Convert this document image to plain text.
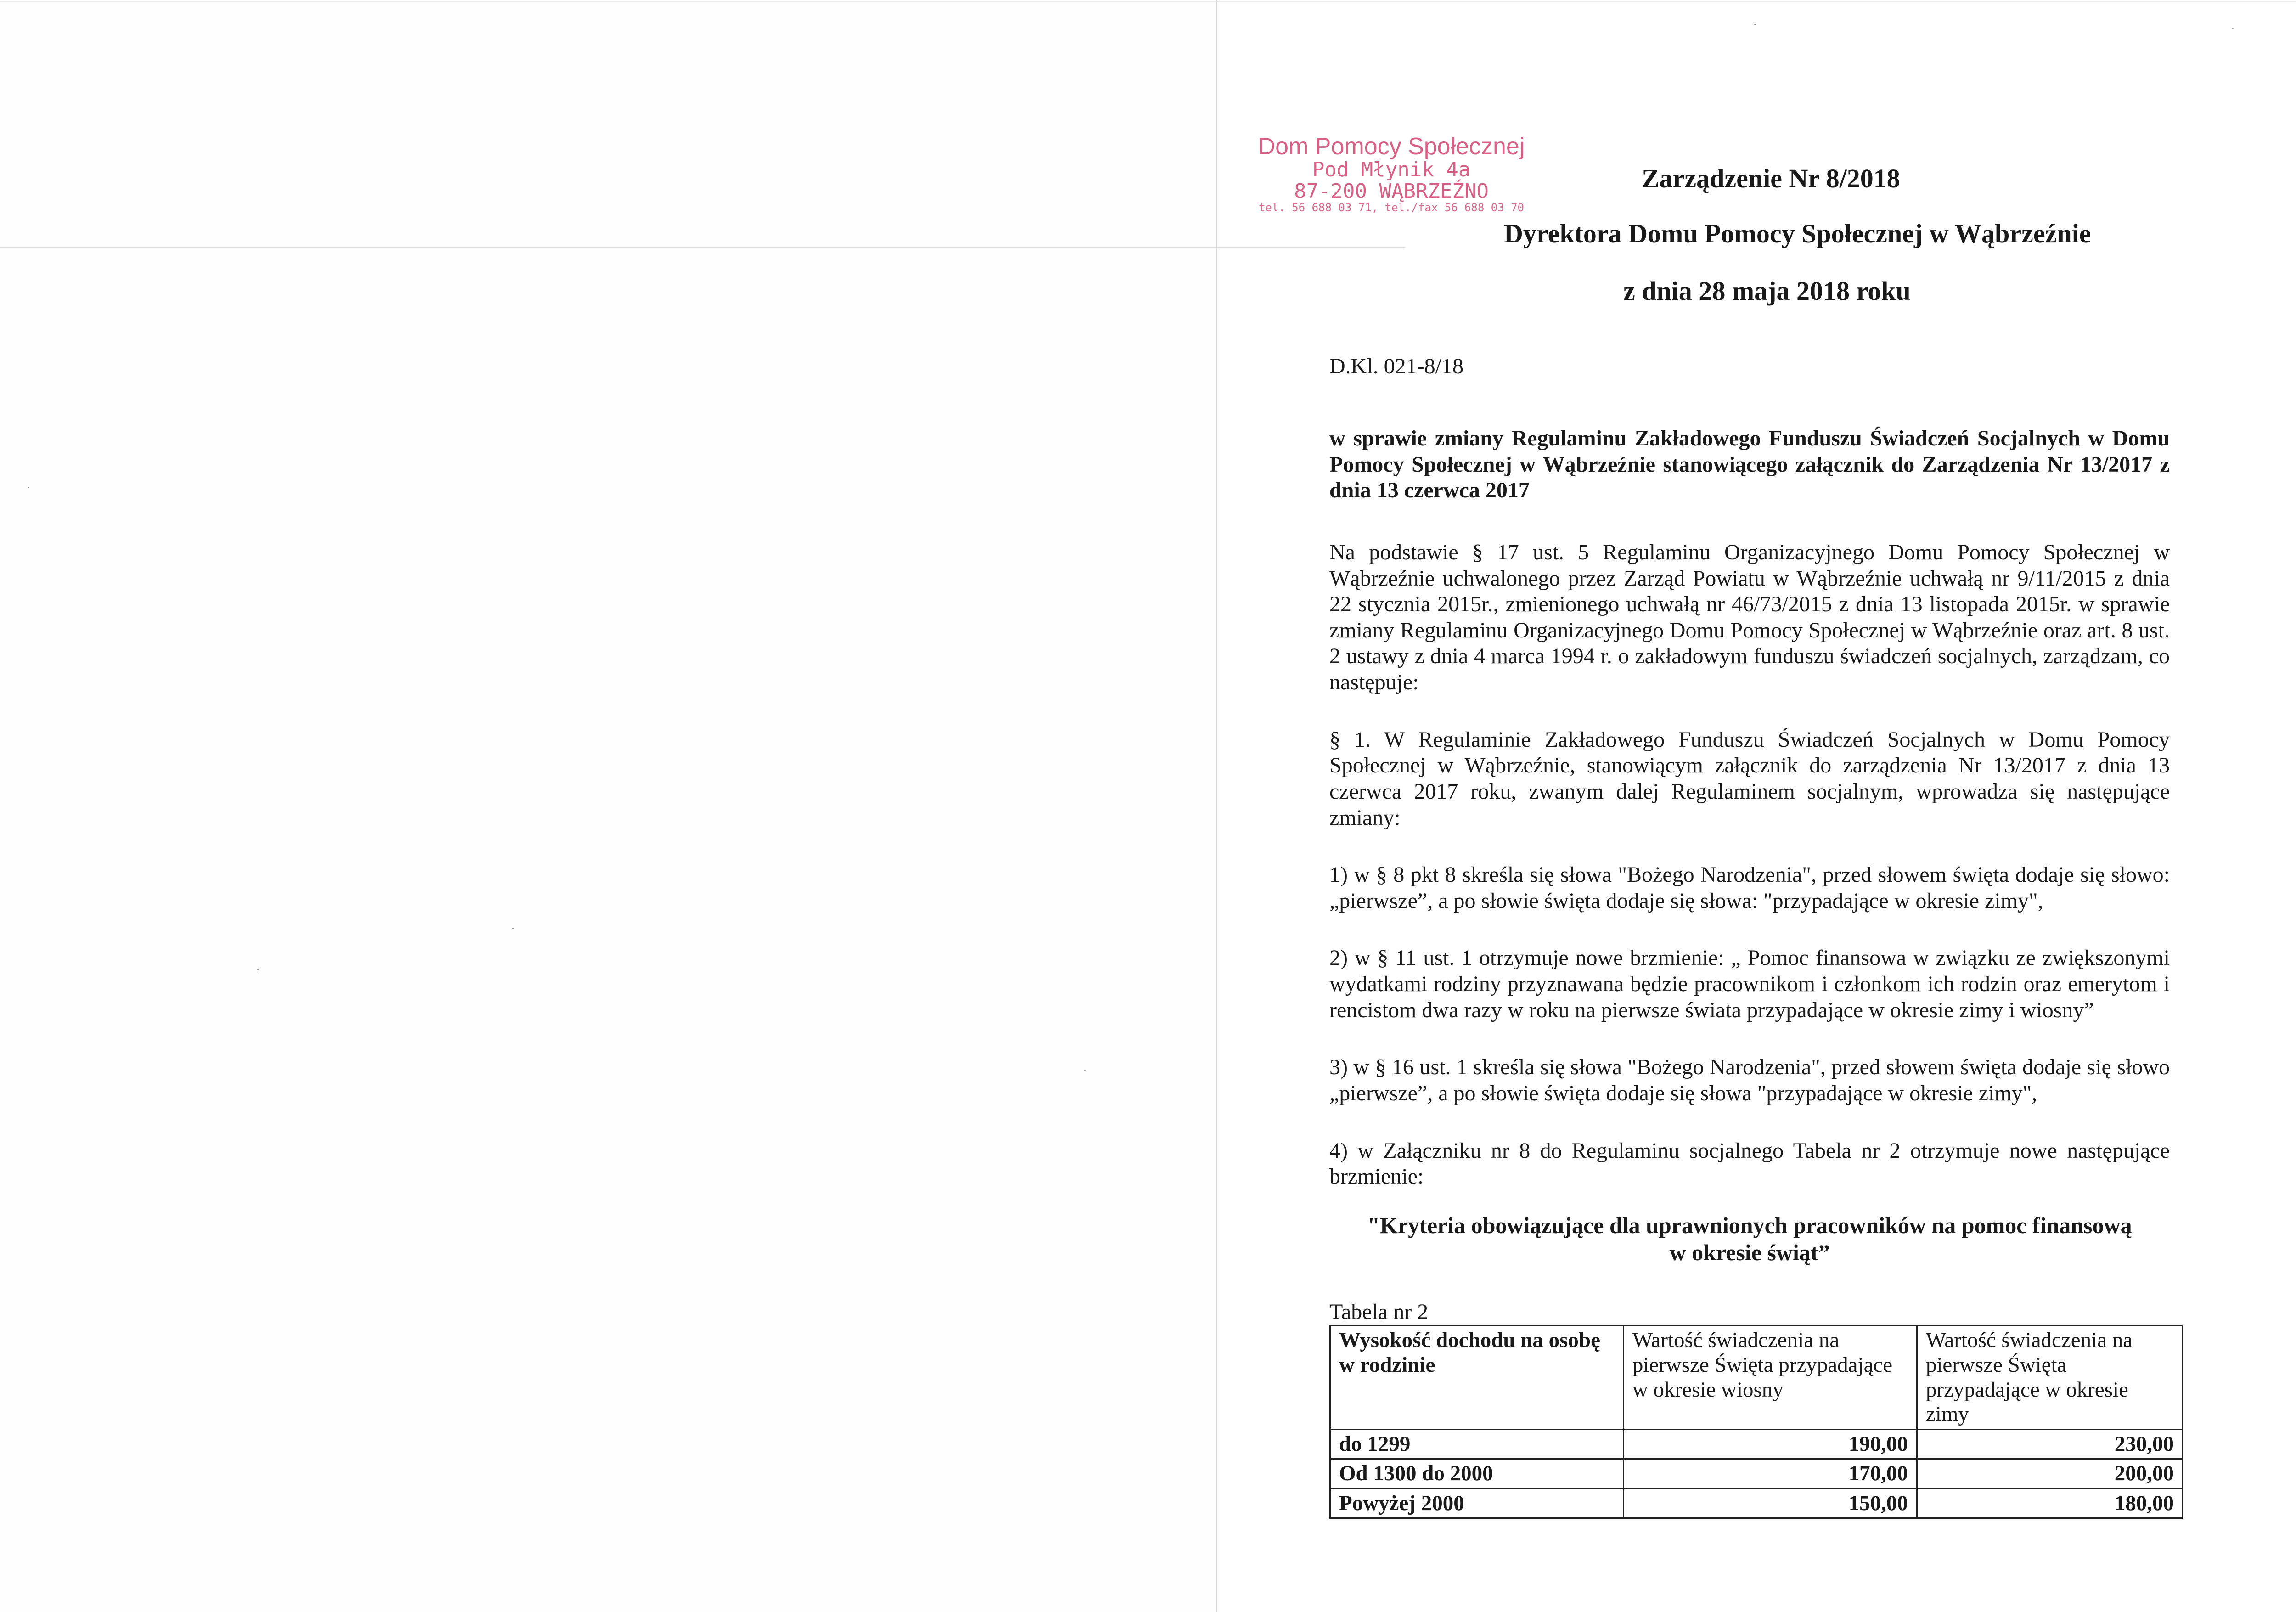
Dom Pomocy Społecznej
Pod Młynik 4a
87-200 WĄBRZEŹNO
tel. 56 688 03 71, tel./fax 56 688 03 70
Zarządzenie Nr 8/2018
Dyrektora Domu Pomocy Społecznej w Wąbrzeźnie
z dnia 28 maja 2018 roku
D.Kl. 021-8/18

w sprawie zmiany Regulaminu Zakładowego Funduszu Świadczeń Socjalnych w Domu Pomocy Społecznej w Wąbrzeźnie stanowiącego załącznik do Zarządzenia Nr 13/2017 z dnia 13 czerwca 2017

Na podstawie § 17 ust. 5 Regulaminu Organizacyjnego Domu Pomocy Społecznej w Wąbrzeźnie uchwalonego przez Zarząd Powiatu w Wąbrzeźnie uchwałą nr 9/11/2015 z dnia 22 stycznia 2015r., zmienionego uchwałą nr 46/73/2015 z dnia 13 listopada 2015r. w sprawie zmiany Regulaminu Organizacyjnego Domu Pomocy Społecznej w Wąbrzeźnie oraz art. 8 ust. 2 ustawy z dnia 4 marca 1994 r. o zakładowym funduszu świadczeń socjalnych, zarządzam, co następuje:

§ 1. W Regulaminie Zakładowego Funduszu Świadczeń Socjalnych w Domu Pomocy Społecznej w Wąbrzeźnie, stanowiącym załącznik do zarządzenia Nr 13/2017 z dnia 13 czerwca 2017 roku, zwanym dalej Regulaminem socjalnym, wprowadza się następujące zmiany:

1) w § 8 pkt 8 skreśla się słowa "Bożego Narodzenia", przed słowem święta dodaje się słowo: „pierwsze”, a po słowie święta dodaje się słowa: "przypadające w okresie zimy",

2) w § 11 ust. 1 otrzymuje nowe brzmienie: „ Pomoc finansowa w związku ze zwiększonymi wydatkami rodziny przyznawana będzie pracownikom i członkom ich rodzin oraz emerytom i rencistom dwa razy w roku na pierwsze świata przypadające w okresie zimy i wiosny”

3) w § 16 ust. 1 skreśla się słowa "Bożego Narodzenia", przed słowem święta dodaje się słowo „pierwsze”, a po słowie święta dodaje się słowa "przypadające w okresie zimy",

4) w Załączniku nr 8 do Regulaminu socjalnego Tabela nr 2 otrzymuje nowe następujące brzmienie:

"Kryteria obowiązujące dla uprawnionych pracowników na pomoc finansową
w okresie świąt”

Tabela nr 2

Wysokość dochodu na osobę w rodzinie	Wartość świadczenia na pierwsze Święta przypadające w okresie wiosny	Wartość świadczenia na pierwsze Święta przypadające w okresie zimy
do 1299	190,00	230,00
Od 1300 do 2000	170,00	200,00
Powyżej 2000	150,00	180,00
